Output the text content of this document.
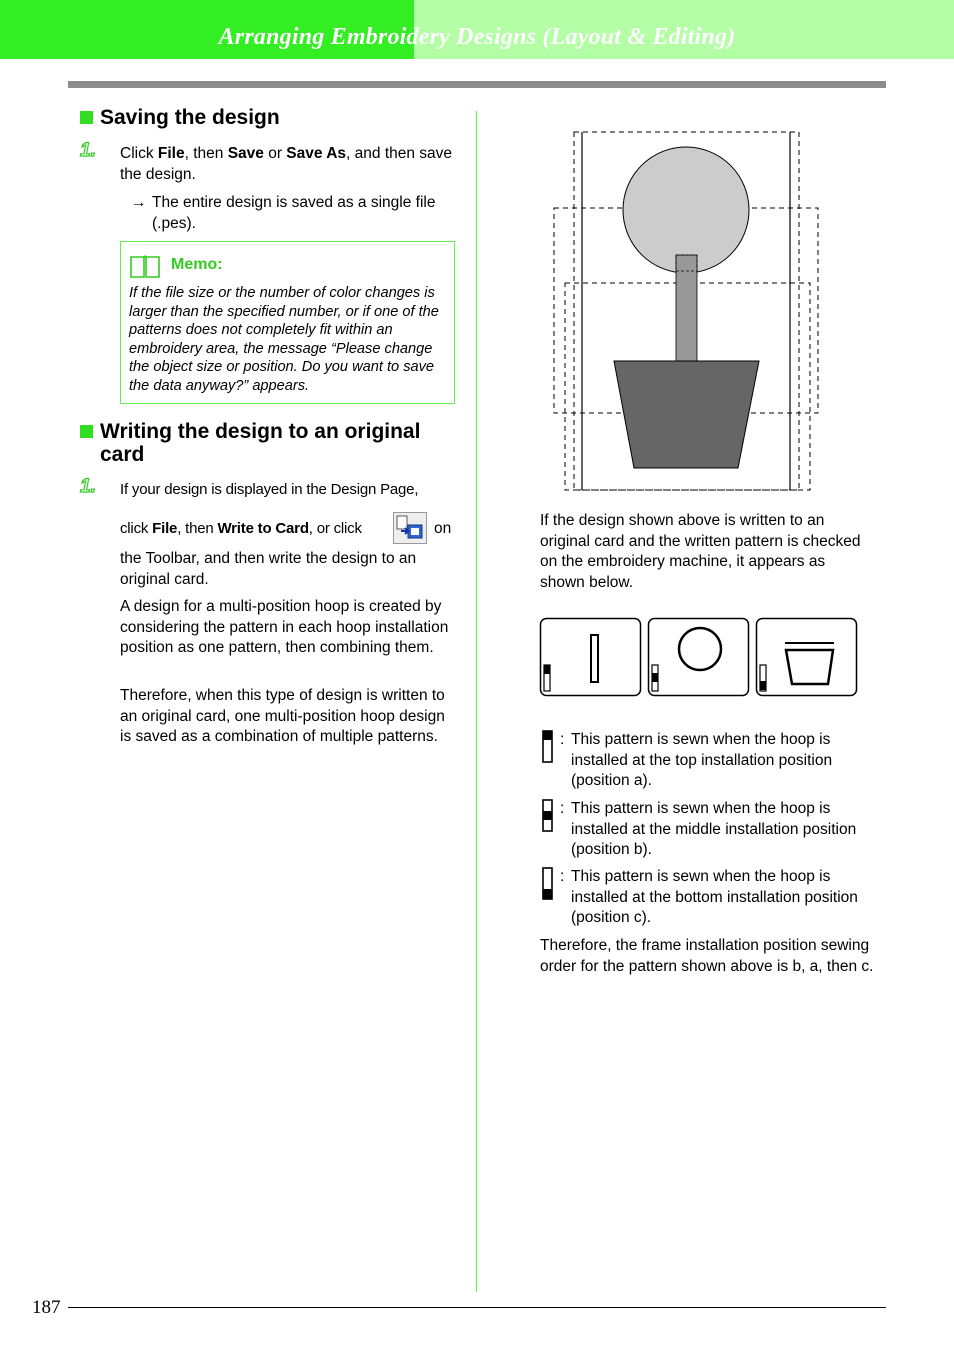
Arranging Embroidery Designs (Layout & Editing)
Saving the design
1. Click File, then Save or Save As, and then save the design.
→ The entire design is saved as a single file (.pes).
Memo:
If the file size or the number of color changes is larger than the specified number, or if one of the patterns does not completely fit within an embroidery area, the message “Please change the object size or position. Do you want to save the data anyway?” appears.
Writing the design to an original card
1. If your design is displayed in the Design Page,
click File, then Write to Card, or click	on
the Toolbar, and then write the design to an original card.
A design for a multi-position hoop is created by considering the pattern in each hoop installation position as one pattern, then combining them.
Therefore, when this type of design is written to an original card, one multi-position hoop design is saved as a combination of multiple patterns.
If the design shown above is written to an original card and the written pattern is checked on the embroidery machine, it appears as shown below.
: This pattern is sewn when the hoop is installed at the top installation position (position a).
: This pattern is sewn when the hoop is installed at the middle installation position (position b).
: This pattern is sewn when the hoop is installed at the bottom installation position (position c).
Therefore, the frame installation position sewing order for the pattern shown above is b, a, then c.
187
